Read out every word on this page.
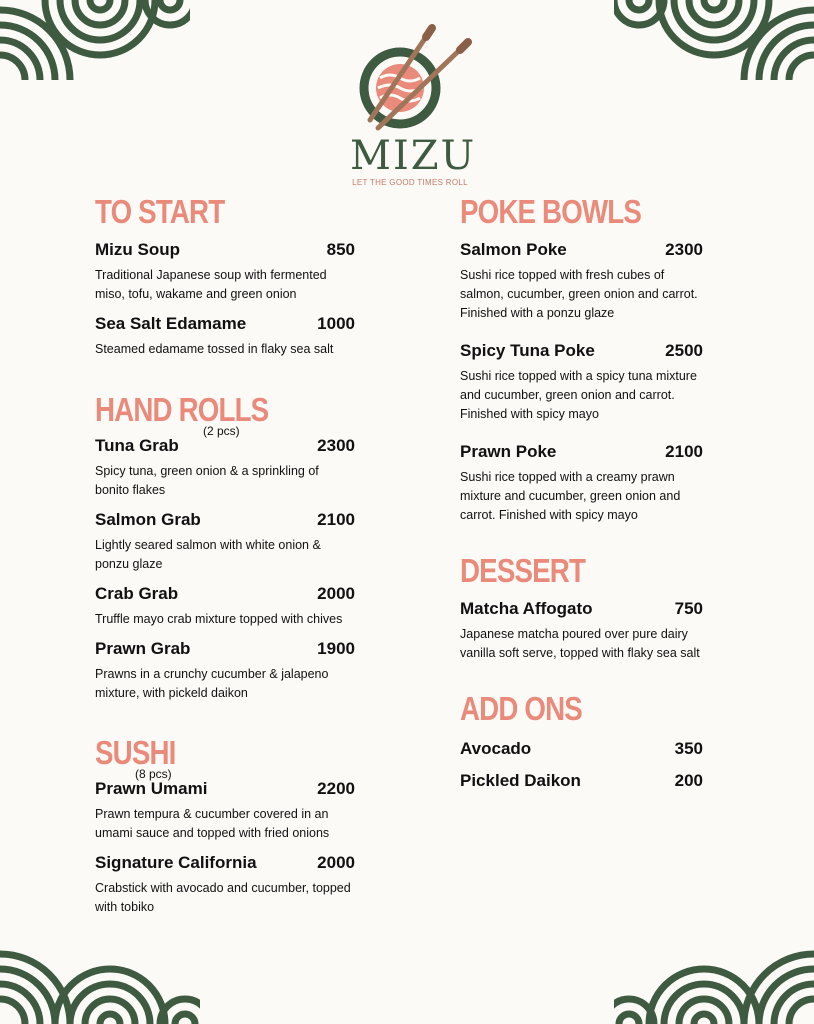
MIZU
LET THE GOOD TIMES ROLL
TO START
Mizu Soup	850
Traditional Japanese soup with fermented miso, tofu, wakame and green onion
Sea Salt Edamame	1000
Steamed edamame tossed in flaky sea salt
HAND ROLLS
(2 pcs)
Tuna Grab	2300
Spicy tuna, green onion & a sprinkling of bonito flakes
Salmon Grab	2100
Lightly seared salmon with white onion & ponzu glaze
Crab Grab	2000
Truffle mayo crab mixture topped with chives
Prawn Grab	1900
Prawns in a crunchy cucumber & jalapeno mixture, with pickeld daikon
SUSHI
(8 pcs)
Prawn Umami	2200
Prawn tempura & cucumber covered in an umami sauce and topped with fried onions
Signature California	2000
Crabstick with avocado and cucumber, topped with tobiko
POKE BOWLS
Salmon Poke	2300
Sushi rice topped with fresh cubes of salmon, cucumber, green onion and carrot. Finished with a ponzu glaze
Spicy Tuna Poke	2500
Sushi rice topped with a spicy tuna mixture and cucumber, green onion and carrot. Finished with spicy mayo
Prawn Poke	2100
Sushi rice topped with a creamy prawn mixture and cucumber, green onion and carrot. Finished with spicy mayo
DESSERT
Matcha Affogato	750
Japanese matcha poured over pure dairy vanilla soft serve, topped with flaky sea salt
ADD ONS
Avocado	350
Pickled Daikon	200
